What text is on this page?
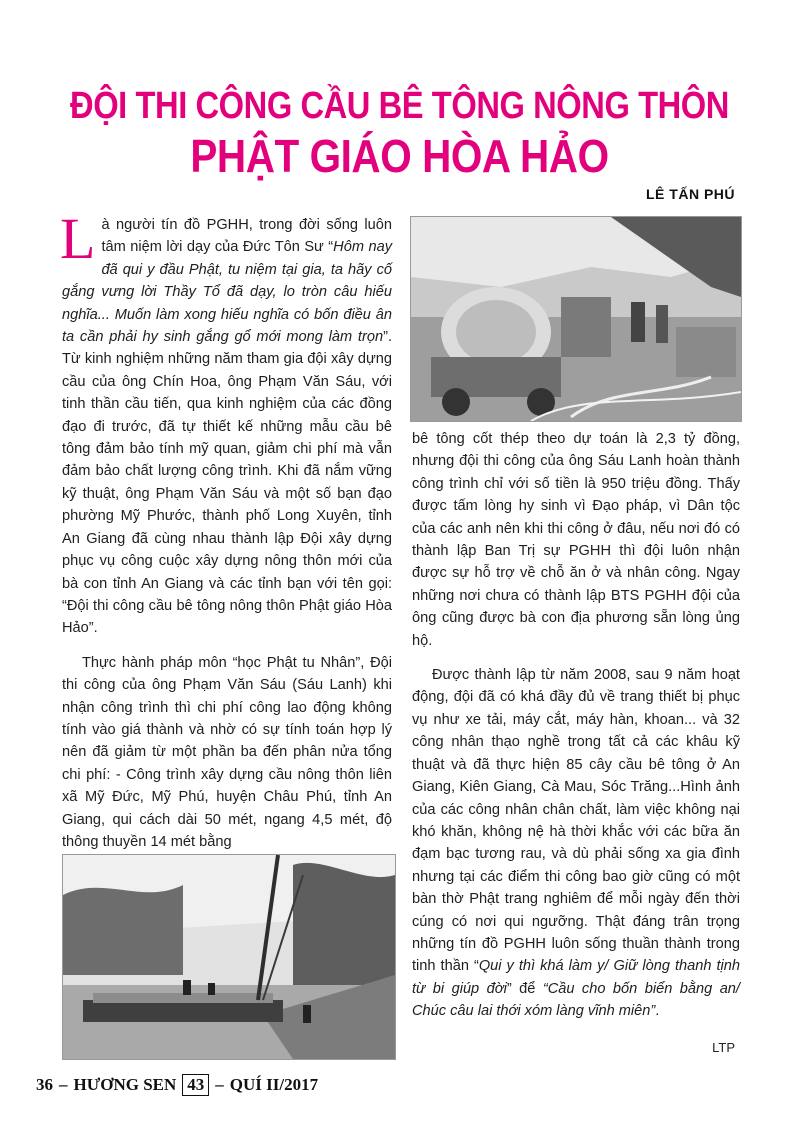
ĐỘI THI CÔNG CẦU BÊ TÔNG NÔNG THÔN
PHẬT GIÁO HÒA HẢO
LÊ TẤN PHÚ

Là người tín đồ PGHH, trong đời sống luôn tâm niệm lời dạy của Đức Tôn Sư “Hôm nay đã qui y đầu Phật, tu niệm tại gia, ta hãy cố gắng vưng lời Thầy Tổ đã dạy, lo tròn câu hiếu nghĩa... Muốn làm xong hiếu nghĩa có bốn điều ân ta cần phải hy sinh gắng gổ mới mong làm trọn”. Từ kinh nghiệm những năm tham gia đội xây dựng cầu của ông Chín Hoa, ông Phạm Văn Sáu, với tinh thần cầu tiến, qua kinh nghiệm của các đồng đạo đi trước, đã tự thiết kế những mẫu cầu bê tông đảm bảo tính mỹ quan, giảm chi phí mà vẫn đảm bảo chất lượng công trình. Khi đã nắm vững kỹ thuật, ông Phạm Văn Sáu và một số bạn đạo phường Mỹ Phước, thành phố Long Xuyên, tỉnh An Giang đã cùng nhau thành lập Đội xây dựng phục vụ công cuộc xây dựng nông thôn mới của bà con tỉnh An Giang và các tỉnh bạn với tên gọi: “Đội thi công cầu bê tông nông thôn Phật giáo Hòa Hảo”.

Thực hành pháp môn “học Phật tu Nhân”, Đội thi công của ông Phạm Văn Sáu (Sáu Lanh) khi nhận công trình thì chi phí công lao động không tính vào giá thành và nhờ có sự tính toán hợp lý nên đã giảm từ một phần ba đến phân nửa tổng chi phí: - Công trình xây dựng cầu nông thôn liên xã Mỹ Đức, Mỹ Phú, huyện Châu Phú, tỉnh An Giang, qui cách dài 50 mét, ngang 4,5 mét, độ thông thuyền 14 mét bằng

bê tông cốt thép theo dự toán là 2,3 tỷ đồng, nhưng đội thi công của ông Sáu Lanh hoàn thành công trình chỉ với số tiền là 950 triệu đồng. Thấy được tấm lòng hy sinh vì Đạo pháp, vì Dân tộc của các anh nên khi thi công ở đâu, nếu nơi đó có thành lập Ban Trị sự PGHH thì đội luôn nhận được sự hỗ trợ về chỗ ăn ở và nhân công. Ngay những nơi chưa có thành lập BTS PGHH đội của ông cũng được bà con địa phương sẵn lòng ủng hộ.

Được thành lập từ năm 2008, sau 9 năm hoạt động, đội đã có khá đầy đủ về trang thiết bị phục vụ như xe tải, máy cắt, máy hàn, khoan... và 32 công nhân thạo nghề trong tất cả các khâu kỹ thuật và đã thực hiện 85 cây cầu bê tông ở An Giang, Kiên Giang, Cà Mau, Sóc Trăng...Hình ảnh của các công nhân chân chất, làm việc không nại khó khăn, không nệ hà thời khắc với các bữa ăn đạm bạc tương rau, và dù phải sống xa gia đình nhưng tại các điểm thi công bao giờ cũng có một bàn thờ Phật trang nghiêm để mỗi ngày đến thời cúng có nơi qui ngưỡng. Thật đáng trân trọng những tín đồ PGHH luôn sống thuần thành trong tinh thần “Qui y thì khá làm y/ Giữ lòng thanh tịnh từ bi giúp đời” để “Cầu cho bốn biển bằng an/ Chúc câu lai thới xóm làng vĩnh miên”.

LTP
36 – HƯƠNG SEN 43 – QUÍ II/2017
